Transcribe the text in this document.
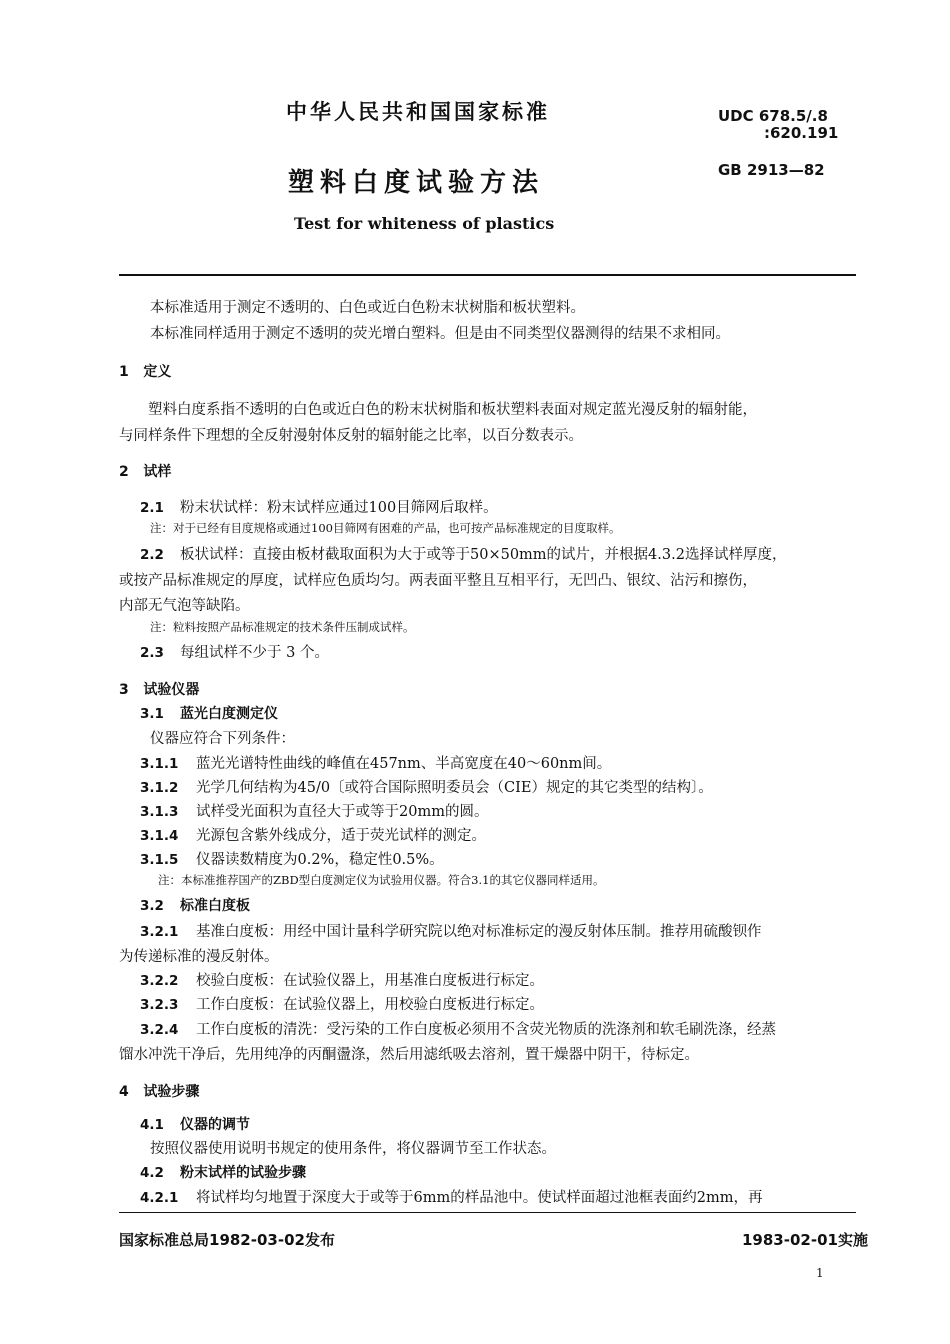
中华人民共和国国家标准	UDC 678.5/.8
:620.191
塑料白度试验方法	GB 2913—82
Test for whiteness of plastics
本标准适用于测定不透明的、白色或近白色粉末状树脂和板状塑料。
本标准同样适用于测定不透明的荧光增白塑料。但是由不同类型仪器测得的结果不求相同。
1 定义
塑料白度系指不透明的白色或近白色的粉末状树脂和板状塑料表面对规定蓝光漫反射的辐射能，
与同样条件下理想的全反射漫射体反射的辐射能之比率，以百分数表示。
2 试样
2.1 粉末状试样：粉末试样应通过100目筛网后取样。
注：对于已经有目度规格或通过100目筛网有困难的产品，也可按产品标准规定的目度取样。
2.2 板状试样：直接由板材截取面积为大于或等于50×50mm的试片，并根据4.3.2选择试样厚度，
或按产品标准规定的厚度，试样应色质均匀。两表面平整且互相平行，无凹凸、银纹、沾污和擦伤，
内部无气泡等缺陷。
注：粒料按照产品标准规定的技术条件压制成试样。
2.3 每组试样不少于 3 个。
3 试验仪器
3.1 蓝光白度测定仪
仪器应符合下列条件：
3.1.1 蓝光光谱特性曲线的峰值在457nm、半高宽度在40～60nm间。
3.1.2 光学几何结构为45/0〔或符合国际照明委员会（CIE）规定的其它类型的结构〕。
3.1.3 试样受光面积为直径大于或等于20mm的圆。
3.1.4 光源包含紫外线成分，适于荧光试样的测定。
3.1.5 仪器读数精度为0.2%，稳定性0.5%。
注：本标准推荐国产的ZBD型白度测定仪为试验用仪器。符合3.1的其它仪器同样适用。
3.2 标准白度板
3.2.1 基准白度板：用经中国计量科学研究院以绝对标准标定的漫反射体压制。推荐用硫酸钡作
为传递标准的漫反射体。
3.2.2 校验白度板：在试验仪器上，用基准白度板进行标定。
3.2.3 工作白度板：在试验仪器上，用校验白度板进行标定。
3.2.4 工作白度板的清洗：受污染的工作白度板必须用不含荧光物质的洗涤剂和软毛刷洗涤，经蒸
馏水冲洗干净后，先用纯净的丙酮盪涤，然后用滤纸吸去溶剂，置干燥器中阴干，待标定。
4 试验步骤
4.1 仪器的调节
按照仪器使用说明书规定的使用条件，将仪器调节至工作状态。
4.2 粉末试样的试验步骤
4.2.1 将试样均匀地置于深度大于或等于6mm的样品池中。使试样面超过池框表面约2mm，再
国家标准总局1982-03-02发布	1983-02-01实施
1
